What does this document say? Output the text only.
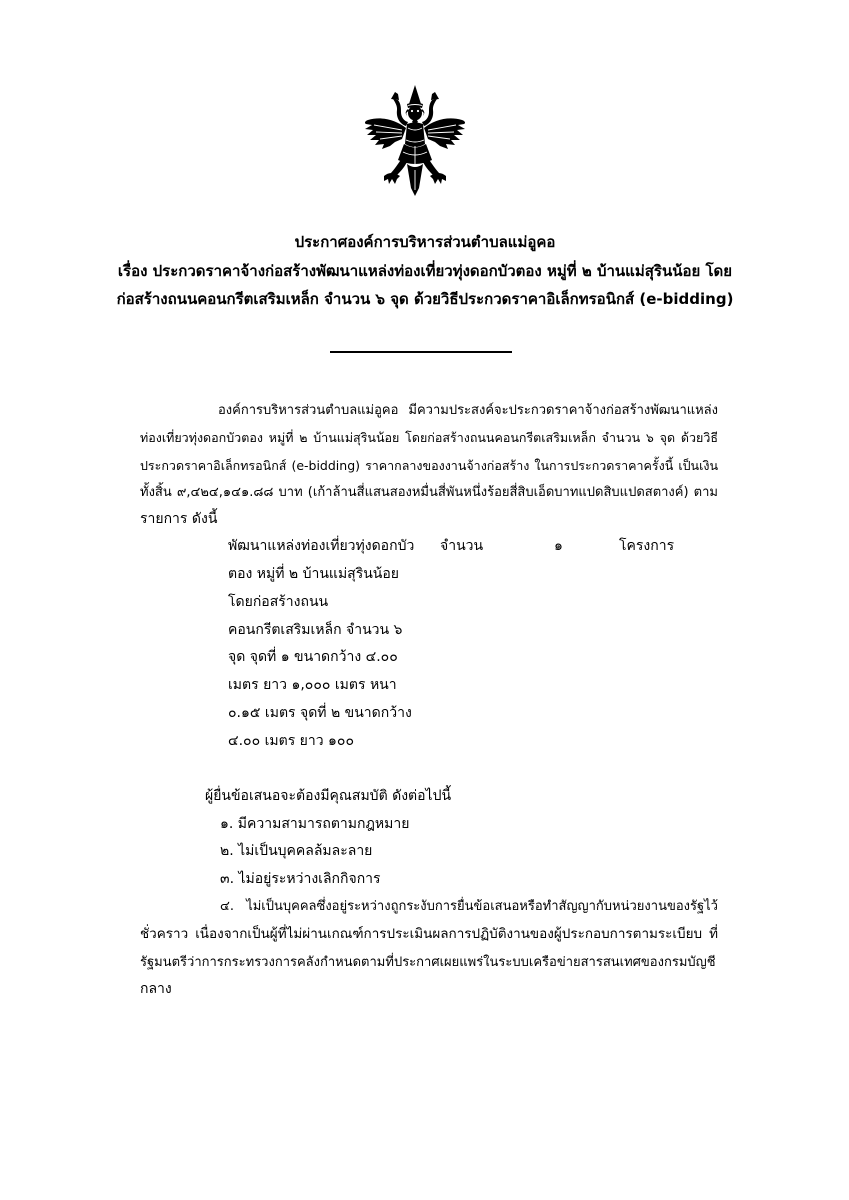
ประกาศองค์การบริหารส่วนตำบลแม่อูคอ
เรื่อง ประกวดราคาจ้างก่อสร้างพัฒนาแหล่งท่องเที่ยวทุ่งดอกบัวตอง หมู่ที่ ๒ บ้านแม่สุรินน้อย โดย
ก่อสร้างถนนคอนกรีตเสริมเหล็ก จำนวน ๖ จุด ด้วยวิธีประกวดราคาอิเล็กทรอนิกส์ (e-bidding)
องค์การบริหารส่วนตำบลแม่อูคอ มีความประสงค์จะประกวดราคาจ้างก่อสร้างพัฒนาแหล่ง
ท่องเที่ยวทุ่งดอกบัวตอง หมู่ที่ ๒ บ้านแม่สุรินน้อย โดยก่อสร้างถนนคอนกรีตเสริมเหล็ก จำนวน ๖ จุด ด้วยวิธี
ประกวดราคาอิเล็กทรอนิกส์ (e-bidding) ราคากลางของงานจ้างก่อสร้าง ในการประกวดราคาครั้งนี้ เป็นเงิน
ทั้งสิ้น ๙,๔๒๔,๑๔๑.๘๘ บาท (เก้าล้านสี่แสนสองหมื่นสี่พันหนึ่งร้อยสี่สิบเอ็ดบาทแปดสิบแปดสตางค์) ตาม
รายการ ดังนี้
พัฒนาแหล่งท่องเที่ยวทุ่งดอกบัว
ตอง หมู่ที่ ๒ บ้านแม่สุรินน้อย
โดยก่อสร้างถนน
คอนกรีตเสริมเหล็ก จำนวน ๖
จุด จุดที่ ๑ ขนาดกว้าง ๔.๐๐
เมตร ยาว ๑,๐๐๐ เมตร หนา
๐.๑๕ เมตร จุดที่ ๒ ขนาดกว้าง
๔.๐๐ เมตร ยาว ๑๐๐
จำนวน	๑	โครงการ
ผู้ยื่นข้อเสนอจะต้องมีคุณสมบัติ ดังต่อไปนี้
๑. มีความสามารถตามกฎหมาย
๒. ไม่เป็นบุคคลล้มละลาย
๓. ไม่อยู่ระหว่างเลิกกิจการ
๔. ไม่เป็นบุคคลซึ่งอยู่ระหว่างถูกระงับการยื่นข้อเสนอหรือทำสัญญากับหน่วยงานของรัฐไว้
ชั่วคราว เนื่องจากเป็นผู้ที่ไม่ผ่านเกณฑ์การประเมินผลการปฏิบัติงานของผู้ประกอบการตามระเบียบ ที่
รัฐมนตรีว่าการกระทรวงการคลังกำหนดตามที่ประกาศเผยแพร่ในระบบเครือข่ายสารสนเทศของกรมบัญชี
กลาง
